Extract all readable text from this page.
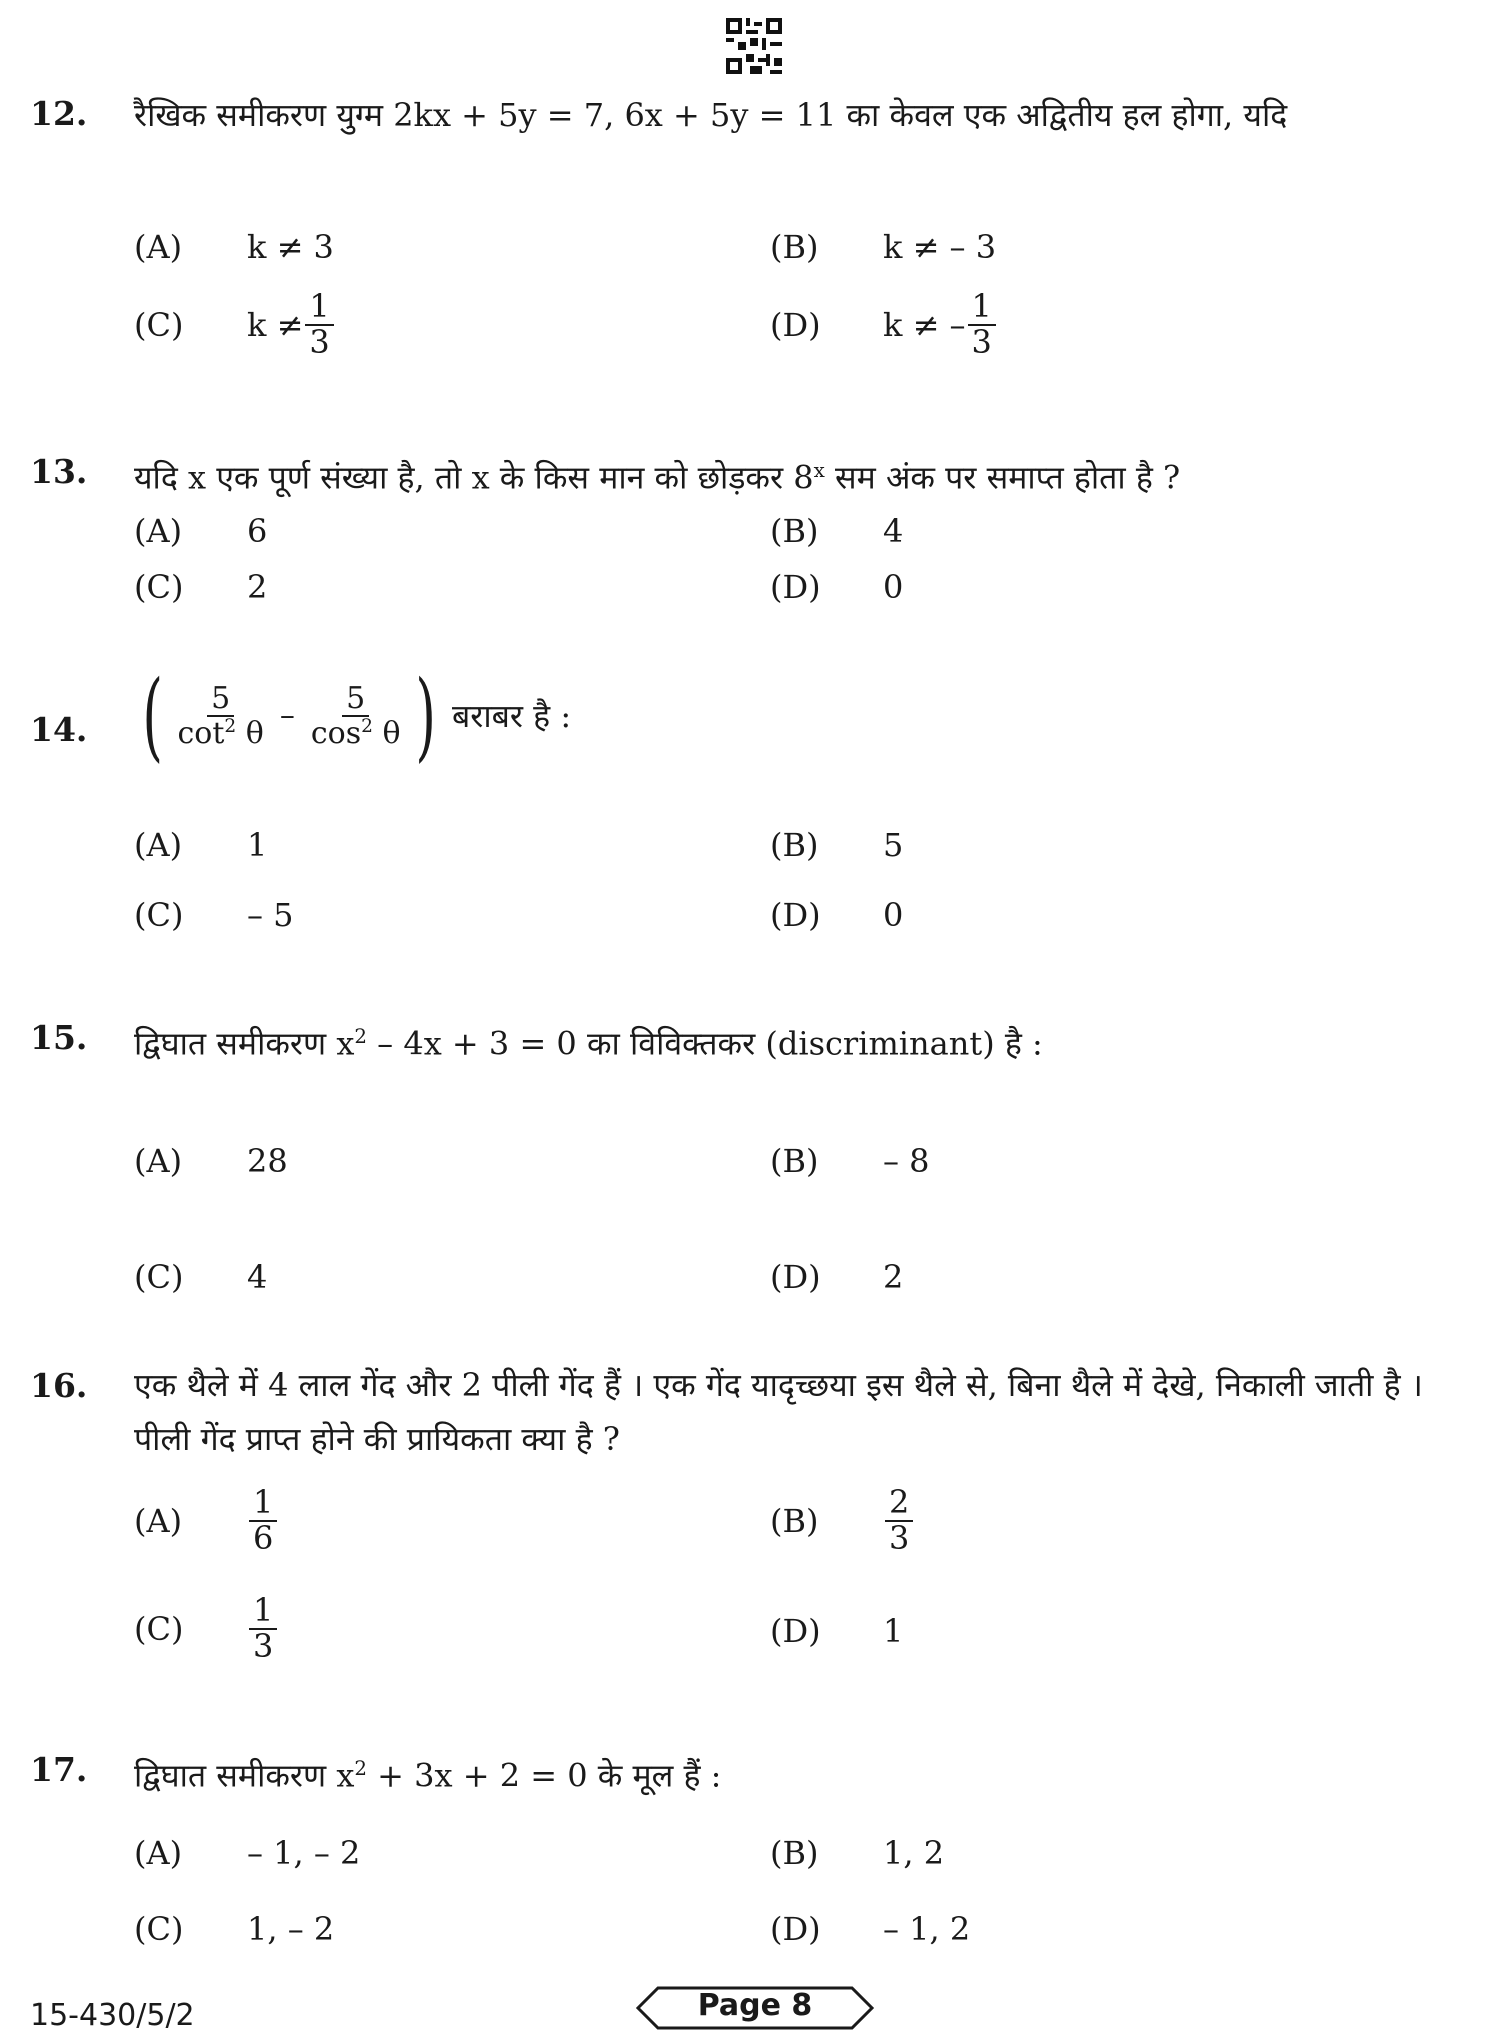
12. रैखिक समीकरण युग्म 2kx + 5y = 7, 6x + 5y = 11 का केवल एक अद्वितीय हल होगा, यदि
(A)	k ≠ 3	(B)	k ≠ – 3
(C)	$k \ne \frac{1}{3}$	(D)	k ≠ – $\frac{1}{3}$
13. यदि x एक पूर्ण संख्या है, तो x के किस मान को छोड़कर 8$^x$ सम अंक पर समाप्त होता है ?
(A)	6	(B)	4
(C)	2	(D)	0
14. ( $\frac{5}{\cot^2 \theta} - \frac{5}{\cos^2 \theta}$ ) बराबर है :
(A)	1	(B)	5
(C)	– 5	(D)	0
15. द्विघात समीकरण $x^2 - 4x + 3 = 0$ का विविक्तकर (discriminant) है :
(A)	28	(B)	– 8
(C)	4	(D)	2
16. एक थैले में 4 लाल गेंद और 2 पीली गेंद हैं । एक गेंद यादृच्छया इस थैले से, बिना थैले में देखे, निकाली जाती है । पीली गेंद प्राप्त होने की प्रायिकता क्या है ?
(A)	$\frac{1}{6}$	(B)	$\frac{2}{3}$
(C)	$\frac{1}{3}$	(D)	1
17. द्विघात समीकरण $x^2 + 3x + 2 = 0$ के मूल हैं :
(A)	– 1, – 2	(B)	1, 2
(C)	1, – 2	(D)	– 1, 2
15-430/5/2	Page 8
